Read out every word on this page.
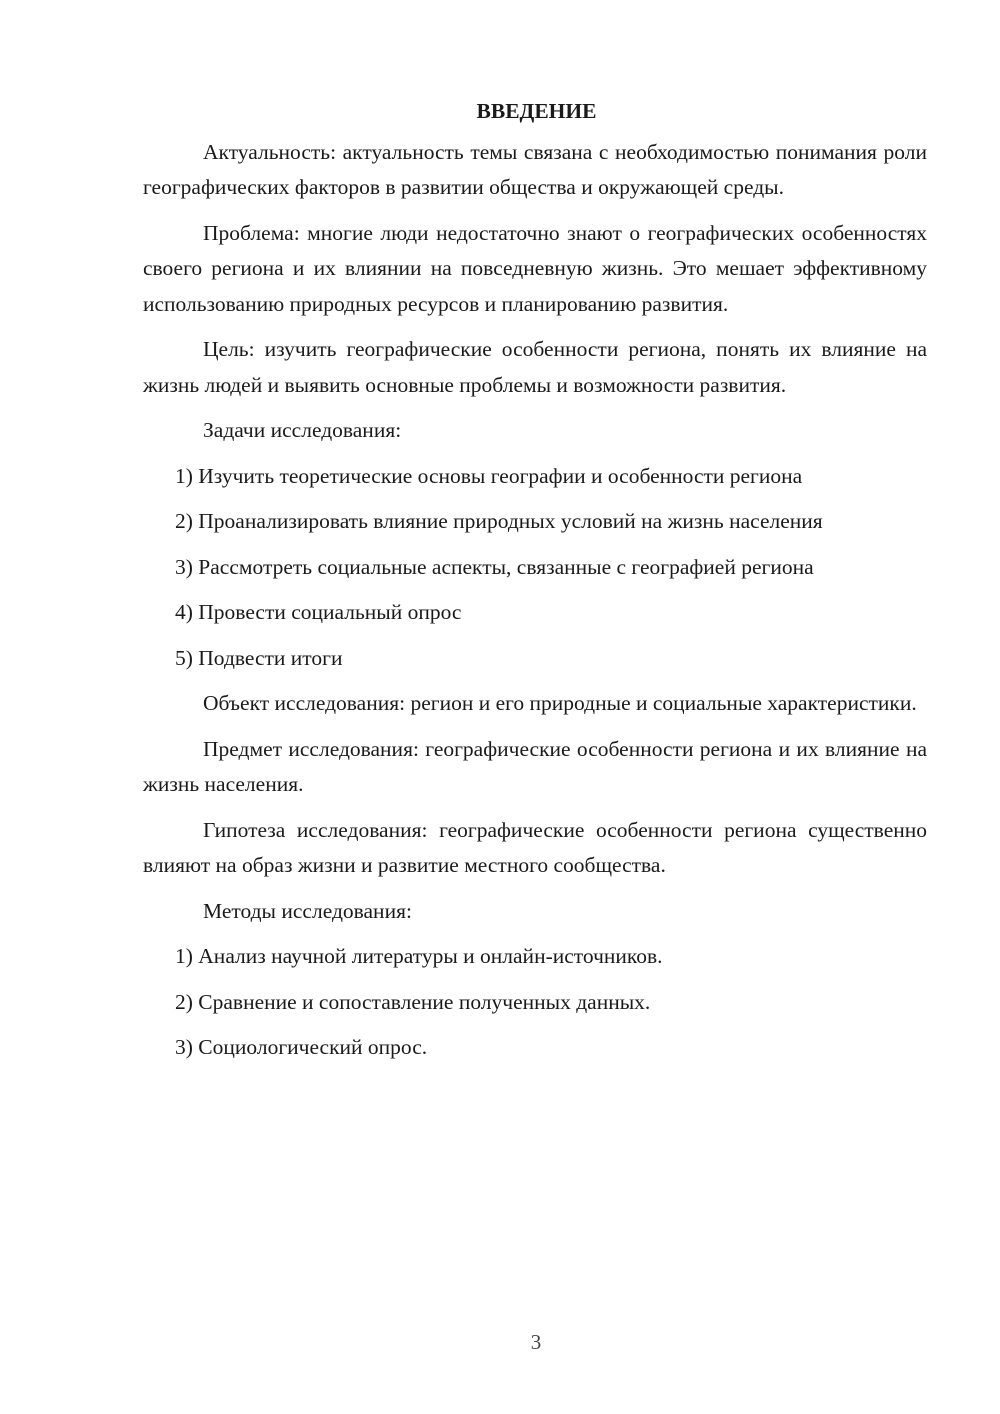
ВВЕДЕНИЕ

Актуальность: актуальность темы связана с необходимостью понимания роли географических факторов в развитии общества и окружающей среды.

Проблема: многие люди недостаточно знают о географических особенностях своего региона и их влиянии на повседневную жизнь. Это мешает эффективному использованию природных ресурсов и планированию развития.

Цель: изучить географические особенности региона, понять их влияние на жизнь людей и выявить основные проблемы и возможности развития.

Задачи исследования:

1) Изучить теоретические основы географии и особенности региона

2) Проанализировать влияние природных условий на жизнь населения

3) Рассмотреть социальные аспекты, связанные с географией региона

4) Провести социальный опрос

5) Подвести итоги

Объект исследования: регион и его природные и социальные характеристики.

Предмет исследования: географические особенности региона и их влияние на жизнь населения.

Гипотеза исследования: географические особенности региона существенно влияют на образ жизни и развитие местного сообщества.

Методы исследования:

1) Анализ научной литературы и онлайн-источников.

2) Сравнение и сопоставление полученных данных.

3) Социологический опрос.

3
